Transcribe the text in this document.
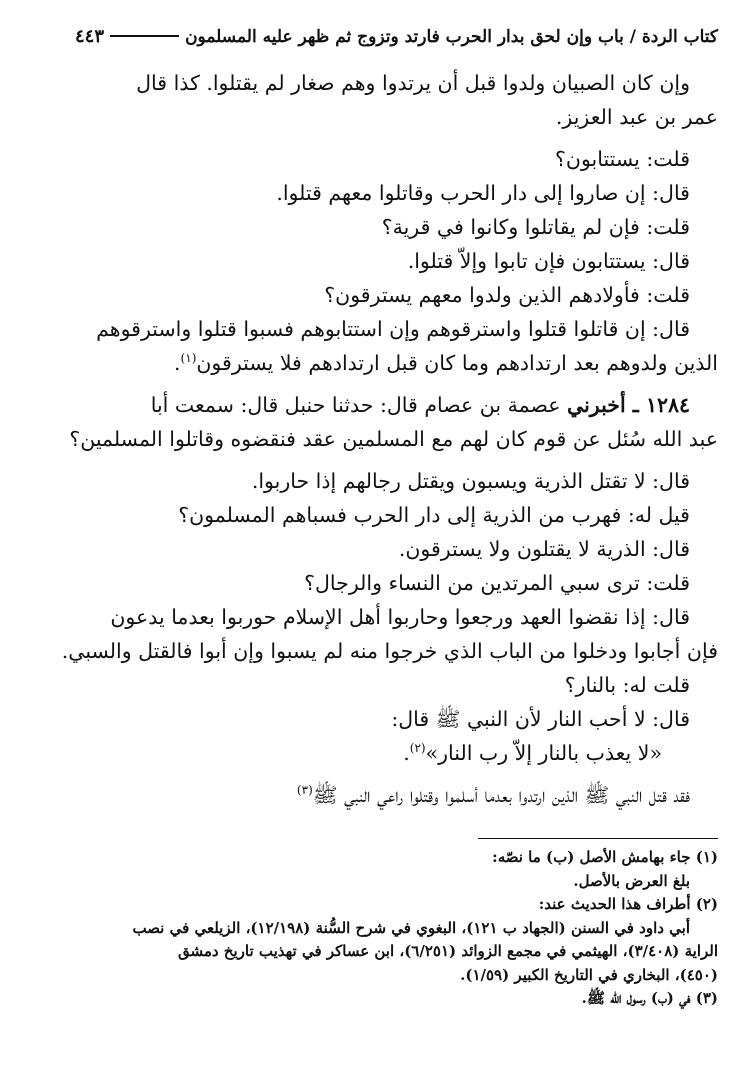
كتاب الردة / باب وإن لحق بدار الحرب فارتد وتزوج ثم ظهر عليه المسلمون
٤٤٣

وإن كان الصبيان ولدوا قبل أن يرتدوا وهم صغار لم يقتلوا. كذا قال

عمر بن عبد العزيز.

قلت: يستتابون؟

قال: إن صاروا إلى دار الحرب وقاتلوا معهم قتلوا.

قلت: فإن لم يقاتلوا وكانوا في قرية؟

قال: يستتابون فإن تابوا وإلاّ قتلوا.

قلت: فأولادهم الذين ولدوا معهم يسترقون؟

قال: إن قاتلوا قتلوا واسترقوهم وإن استتابوهم فسبوا قتلوا واسترقوهم

الذين ولدوهم بعد ارتدادهم وما كان قبل ارتدادهم فلا يسترقون$^{(١)}$.

١٢٨٤ ـ أخبرني عصمة بن عصام قال: حدثنا حنبل قال: سمعت أبا

عبد الله سُئل عن قوم كان لهم مع المسلمين عقد فنقضوه وقاتلوا المسلمين؟

قال: لا تقتل الذرية ويسبون ويقتل رجالهم إذا حاربوا.

قيل له: فهرب من الذرية إلى دار الحرب فسباهم المسلمون؟

قال: الذرية لا يقتلون ولا يسترقون.

قلت: ترى سبي المرتدين من النساء والرجال؟

قال: إذا نقضوا العهد ورجعوا وحاربوا أهل الإسلام حوربوا بعدما يدعون

فإن أجابوا ودخلوا من الباب الذي خرجوا منه لم يسبوا وإن أبوا فالقتل والسبي.

قلت له: بالنار؟

قال: لا أحب النار لأن النبي ﷺ قال:

«لا يعذب بالنار إلاّ رب النار»$^{(٢)}$.

فقد قتل النبي ﷺ الذين ارتدوا بعدما أسلموا وقتلوا راعي النبي ﷺ$^{(٣)}$

(١) جاء بهامش الأصل (ب) ما نصّه:

بلغ العرض بالأصل.

(٢) أطراف هذا الحديث عند:

أبي داود في السنن (الجهاد ب ١٢١)، البغوي في شرح السُّنة (١٢/١٩٨)، الزيلعي في نصب

الراية (٣/٤٠٨)، الهيثمي في مجمع الزوائد (٦/٢٥١)، ابن عساكر في تهذيب تاريخ دمشق

(٤٥٠)، البخاري في التاريخ الكبير (١/٥٩).

(٣) في (ب) رسول الله ﷺ.
